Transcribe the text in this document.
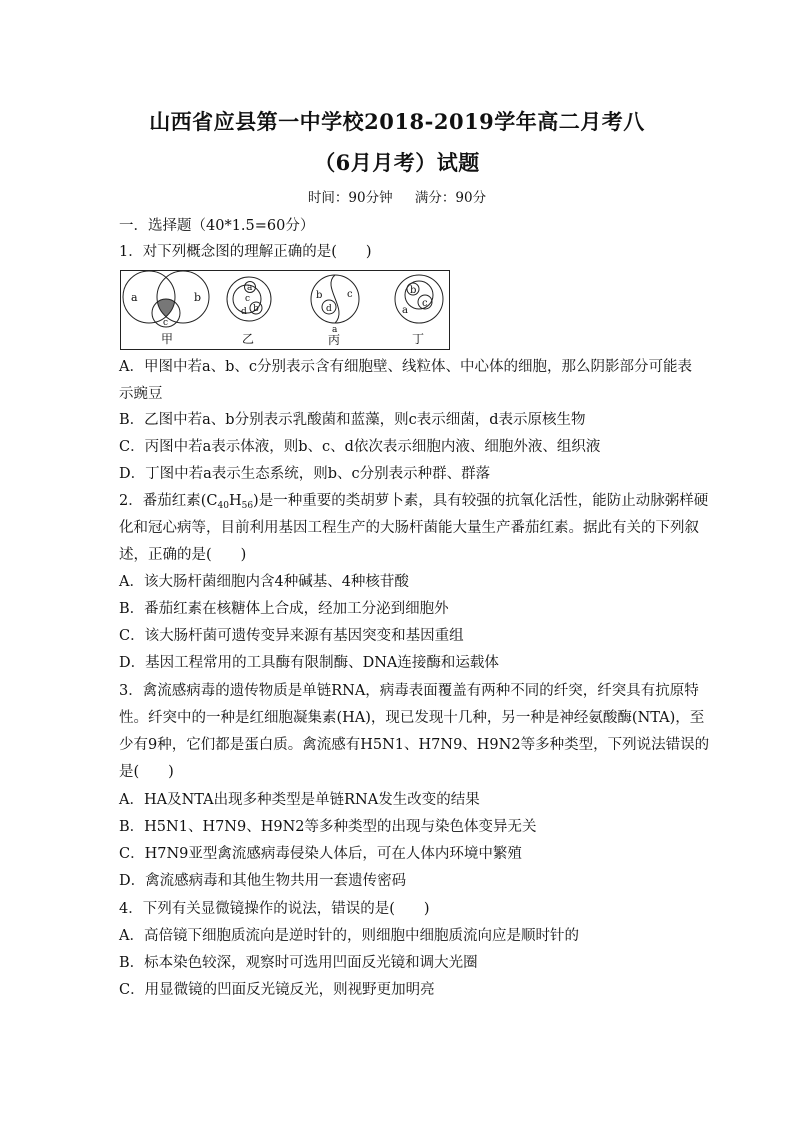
山西省应县第一中学校2018-2019学年高二月考八
（6月月考）试题
时间：90分钟 满分：90分
一．选择题（40*1.5=60分）
1．对下列概念图的理解正确的是(　　)
a	b
c
甲
a
c
d b
乙
b c
d
a
丙
b
c
a
丁
A．甲图中若a、b、c分别表示含有细胞壁、线粒体、中心体的细胞，那么阴影部分可能表
示豌豆
B．乙图中若a、b分别表示乳酸菌和蓝藻，则c表示细菌，d表示原核生物
C．丙图中若a表示体液，则b、c、d依次表示细胞内液、细胞外液、组织液
D．丁图中若a表示生态系统，则b、c分别表示种群、群落
2．番茄红素$(C_{40}H_{56})$是一种重要的类胡萝卜素，具有较强的抗氧化活性，能防止动脉粥样硬
化和冠心病等，目前利用基因工程生产的大肠杆菌能大量生产番茄红素。据此有关的下列叙
述，正确的是(　　)
A．该大肠杆菌细胞内含4种碱基、4种核苷酸
B．番茄红素在核糖体上合成，经加工分泌到细胞外
C．该大肠杆菌可遗传变异来源有基因突变和基因重组
D．基因工程常用的工具酶有限制酶、DNA连接酶和运载体
3．禽流感病毒的遗传物质是单链RNA，病毒表面覆盖有两种不同的纤突，纤突具有抗原特
性。纤突中的一种是红细胞凝集素(HA)，现已发现十几种，另一种是神经氨酸酶(NTA)，至
少有9种，它们都是蛋白质。禽流感有H5N1、H7N9、H9N2等多种类型，下列说法错误的
是(　　)
A．HA及NTA出现多种类型是单链RNA发生改变的结果
B．H5N1、H7N9、H9N2等多种类型的出现与染色体变异无关
C．H7N9亚型禽流感病毒侵染人体后，可在人体内环境中繁殖
D．禽流感病毒和其他生物共用一套遗传密码
4．下列有关显微镜操作的说法，错误的是(　　)
A．高倍镜下细胞质流向是逆时针的，则细胞中细胞质流向应是顺时针的
B．标本染色较深，观察时可选用凹面反光镜和调大光圈
C．用显微镜的凹面反光镜反光，则视野更加明亮
